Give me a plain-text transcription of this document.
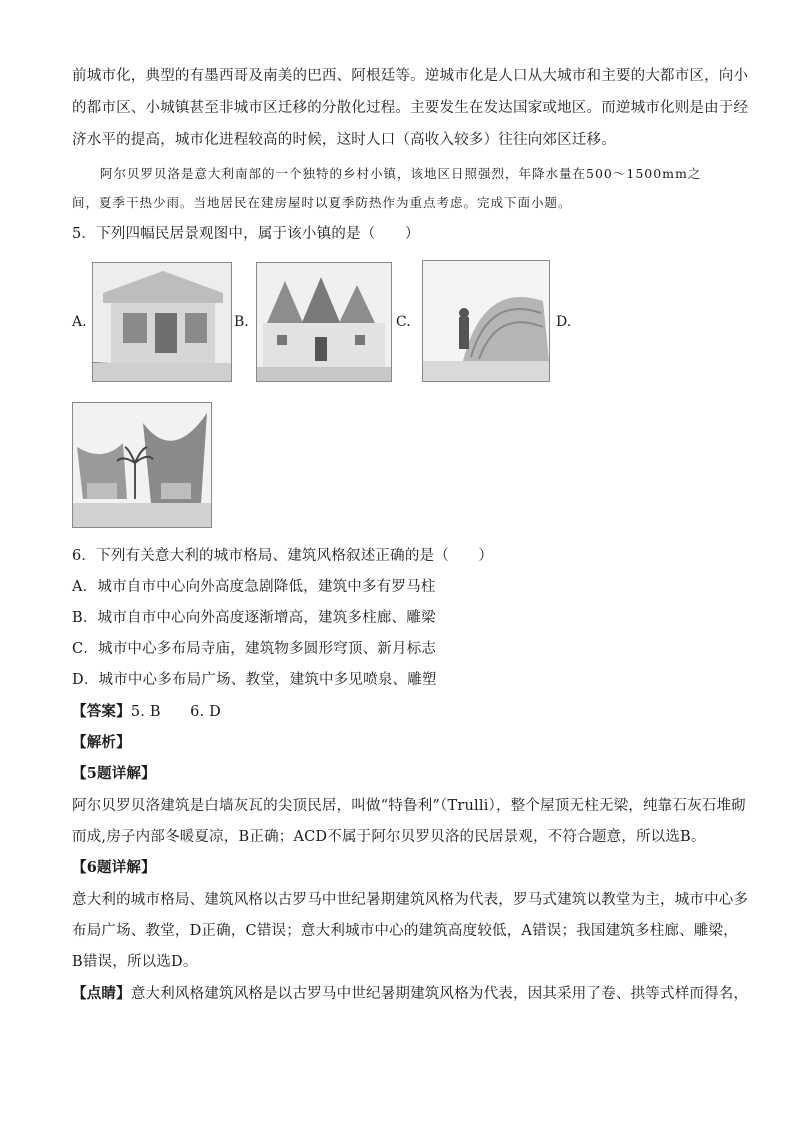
前城市化，典型的有墨西哥及南美的巴西、阿根廷等。逆城市化是人口从大城市和主要的大都市区，向小
的都市区、小城镇甚至非城市区迁移的分散化过程。主要发生在发达国家或地区。而逆城市化则是由于经
济水平的提高，城市化进程较高的时候，这时人口（高收入较多）往往向郊区迁移。
阿尔贝罗贝洛是意大利南部的一个独特的乡村小镇，该地区日照强烈，年降水量在500～1500mm之
间，夏季干热少雨。当地居民在建房屋时以夏季防热作为重点考虑。完成下面小题。
5．下列四幅民居景观图中，属于该小镇的是（　　）
A.	B.	C.	D.
6．下列有关意大利的城市格局、建筑风格叙述正确的是（　　）
A．城市自市中心向外高度急剧降低，建筑中多有罗马柱
B．城市自市中心向外高度逐渐增高，建筑多柱廊、雕梁
C．城市中心多布局寺庙，建筑物多圆形穹顶、新月标志
D．城市中心多布局广场、教堂，建筑中多见喷泉、雕塑
【答案】5. B　　6. D
【解析】
【5题详解】
阿尔贝罗贝洛建筑是白墙灰瓦的尖顶民居，叫做“特鲁利”（Trulli），整个屋顶无柱无梁，纯靠石灰石堆砌
而成,房子内部冬暖夏凉，B正确；ACD不属于阿尔贝罗贝洛的民居景观，不符合题意，所以选B。
【6题详解】
意大利的城市格局、建筑风格以古罗马中世纪暑期建筑风格为代表，罗马式建筑以教堂为主，城市中心多
布局广场、教堂，D正确，C错误；意大利城市中心的建筑高度较低，A错误；我国建筑多柱廊、雕梁，
B错误，所以选D。
【点睛】意大利风格建筑风格是以古罗马中世纪暑期建筑风格为代表，因其采用了卷、拱等式样而得名，
